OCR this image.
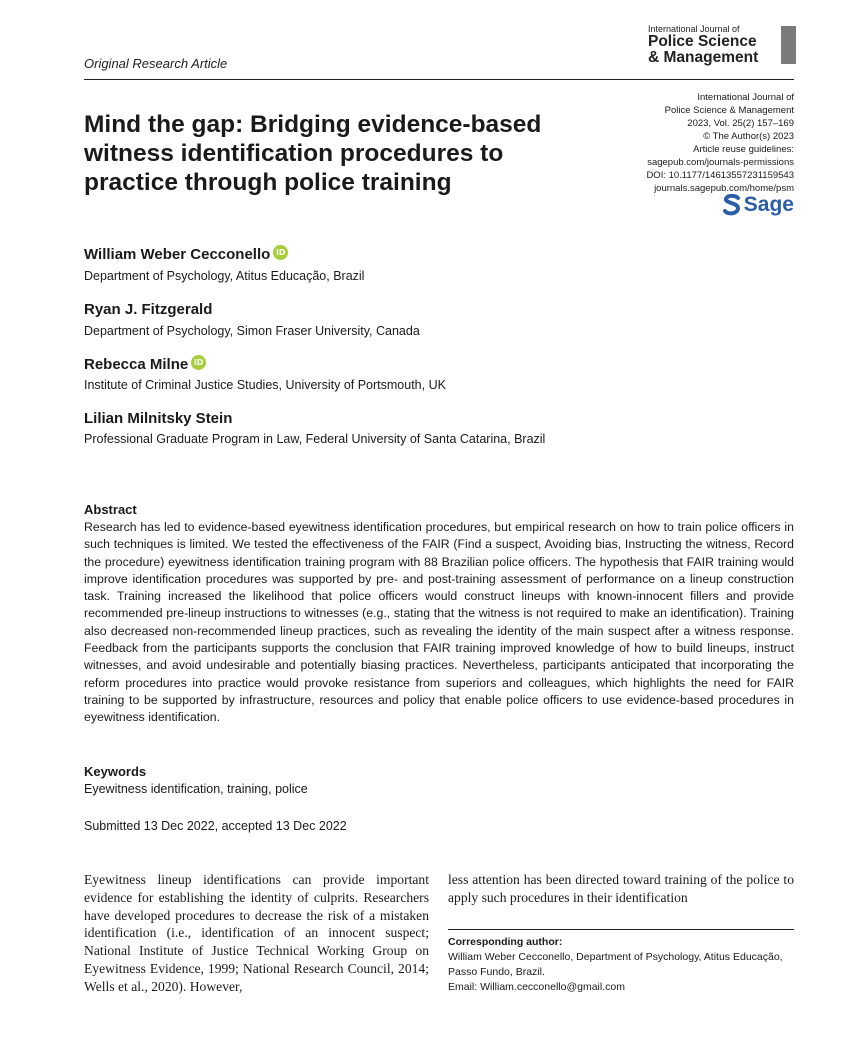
Original Research Article
International Journal of
Police Science
& Management
International Journal of
Police Science & Management
2023, Vol. 25(2) 157–169
© The Author(s) 2023
Article reuse guidelines:
sagepub.com/journals-permissions
DOI: 10.1177/14613557231159543
journals.sagepub.com/home/psm
Sage
Mind the gap: Bridging evidence-based witness identification procedures to practice through police training
William Weber Cecconello iD
Department of Psychology, Atitus Educação, Brazil
Ryan J. Fitzgerald
Department of Psychology, Simon Fraser University, Canada
Rebecca Milne iD
Institute of Criminal Justice Studies, University of Portsmouth, UK
Lilian Milnitsky Stein
Professional Graduate Program in Law, Federal University of Santa Catarina, Brazil
Abstract
Research has led to evidence-based eyewitness identification procedures, but empirical research on how to train police officers in such techniques is limited. We tested the effectiveness of the FAIR (Find a suspect, Avoiding bias, Instructing the witness, Record the procedure) eyewitness identification training program with 88 Brazilian police officers. The hypothesis that FAIR training would improve identification procedures was supported by pre- and post-training assessment of performance on a lineup construction task. Training increased the likelihood that police officers would construct lineups with known-innocent fillers and provide recommended pre-lineup instructions to witnesses (e.g., stating that the witness is not required to make an identification). Training also decreased non-recommended lineup practices, such as revealing the identity of the main suspect after a witness response. Feedback from the participants supports the conclusion that FAIR training improved knowledge of how to build lineups, instruct witnesses, and avoid undesirable and potentially biasing practices. Nevertheless, participants anticipated that incorporating the reform procedures into practice would provoke resistance from superiors and colleagues, which highlights the need for FAIR training to be supported by infrastructure, resources and policy that enable police officers to use evidence-based procedures in eyewitness identification.
Keywords
Eyewitness identification, training, police
Submitted 13 Dec 2022, accepted 13 Dec 2022
Eyewitness lineup identifications can provide important evidence for establishing the identity of culprits. Researchers have developed procedures to decrease the risk of a mistaken identification (i.e., identification of an innocent suspect; National Institute of Justice Technical Working Group on Eyewitness Evidence, 1999; National Research Council, 2014; Wells et al., 2020). However,
less attention has been directed toward training of the police to apply such procedures in their identification
Corresponding author:
William Weber Cecconello, Department of Psychology, Atitus Educação,
Passo Fundo, Brazil.
Email: William.cecconello@gmail.com
